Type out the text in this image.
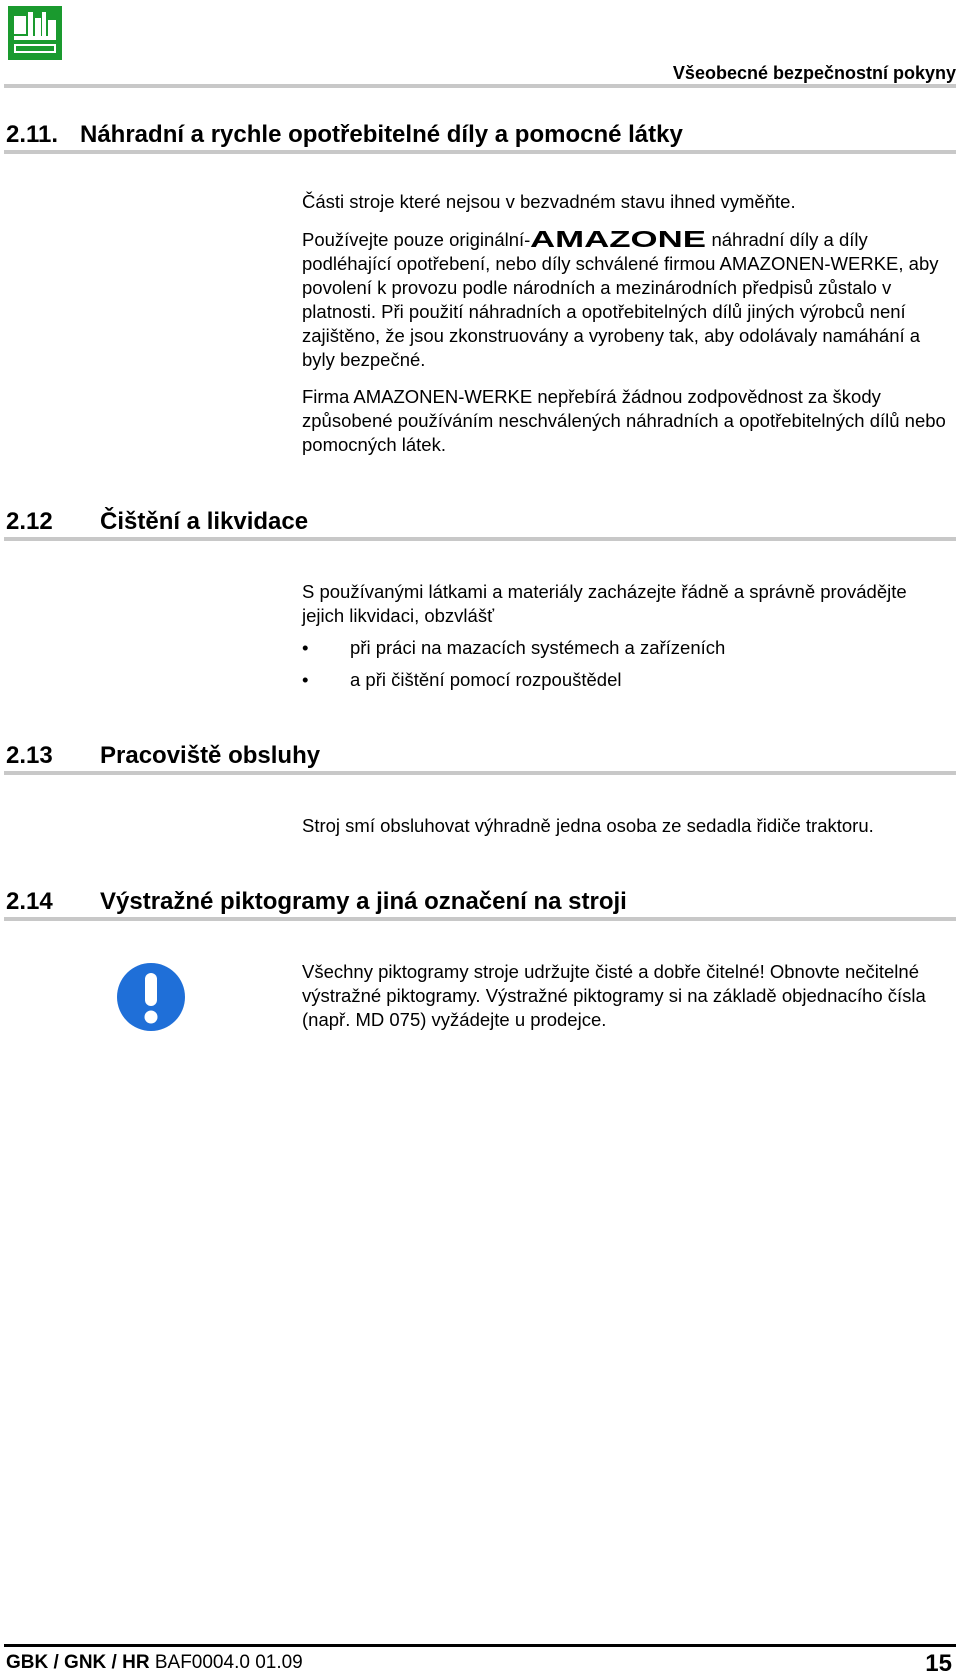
Všeobecné bezpečnostní pokyny
2.11. Náhradní a rychle opotřebitelné díly a pomocné látky

Části stroje které nejsou v bezvadném stavu ihned vyměňte.

Používejte pouze originální- AMAZONE náhradní díly a díly podléhající opotřebení, nebo díly schválené firmou AMAZONEN-WERKE, aby povolení k provozu podle národních a mezinárodních předpisů zůstalo v platnosti. Při použití náhradních a opotřebitelných dílů jiných výrobců není zajištěno, že jsou zkonstruovány a vyrobeny tak, aby odolávaly namáhání a byly bezpečné.

Firma AMAZONEN-WERKE nepřebírá žádnou zodpovědnost za škody způsobené používáním neschválených náhradních a opotřebitelných dílů nebo pomocných látek.

2.12 Čištění a likvidace

S používanými látkami a materiály zacházejte řádně a správně provádějte jejich likvidaci, obzvlášť

• při práci na mazacích systémech a zařízeních
• a při čištění pomocí rozpouštědel
2.13 Pracoviště obsluhy

Stroj smí obsluhovat výhradně jedna osoba ze sedadla řidiče traktoru.

2.14 Výstražné piktogramy a jiná označení na stroji

Všechny piktogramy stroje udržujte čisté a dobře čitelné! Obnovte nečitelné výstražné piktogramy. Výstražné piktogramy si na základě objednacího čísla (např. MD 075) vyžádejte u prodejce.

GBK / GNK / HR BAF0004.0 01.09	15
